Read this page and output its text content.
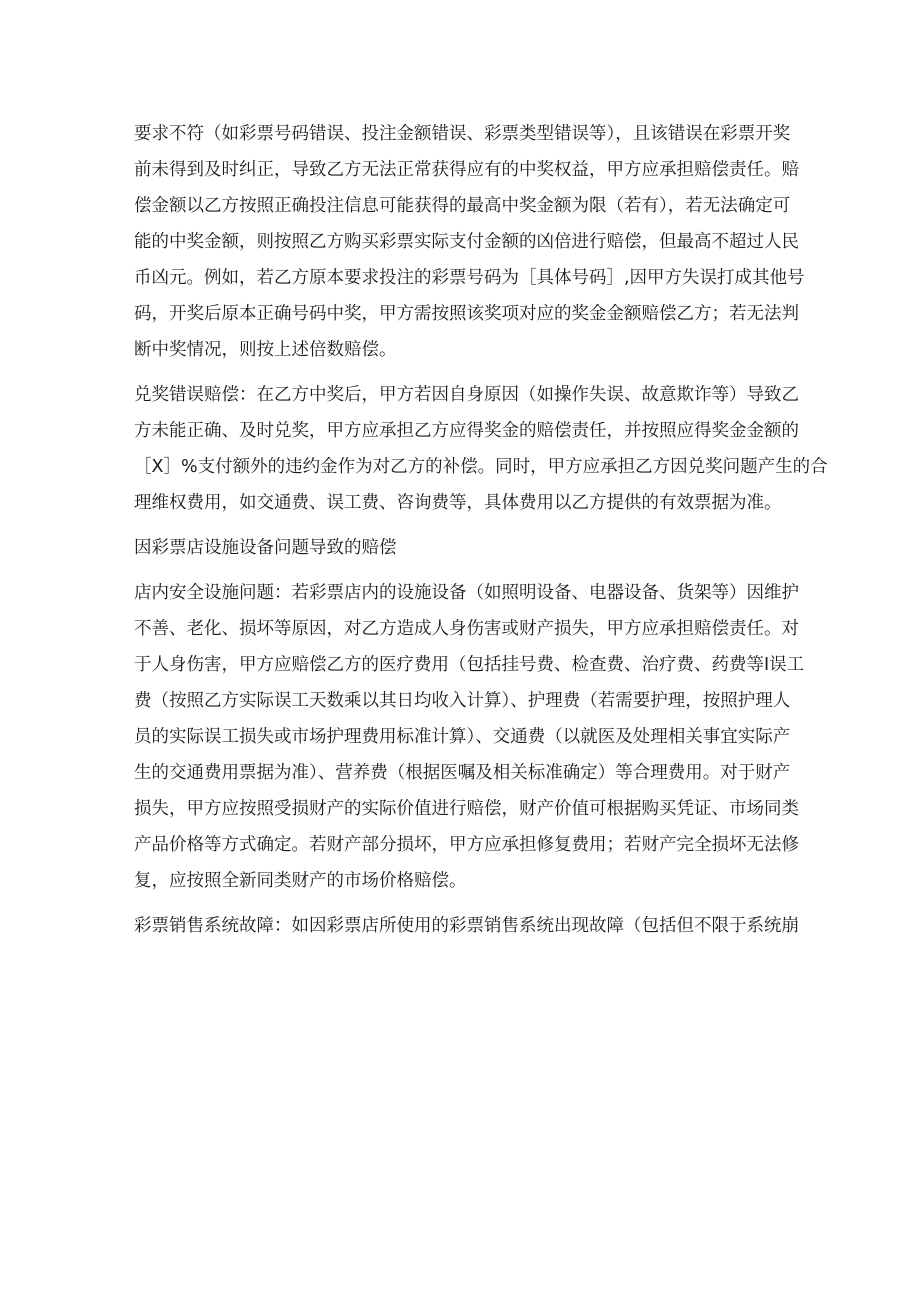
要求不符（如彩票号码错误、投注金额错误、彩票类型错误等），且该错误在彩票开奖
前未得到及时纠正，导致乙方无法正常获得应有的中奖权益，甲方应承担赔偿责任。赔
偿金额以乙方按照正确投注信息可能获得的最高中奖金额为限（若有），若无法确定可
能的中奖金额，则按照乙方购买彩票实际支付金额的凶倍进行赔偿，但最高不超过人民
币凶元。例如，若乙方原本要求投注的彩票号码为［具体号码］,因甲方失误打成其他号
码，开奖后原本正确号码中奖，甲方需按照该奖项对应的奖金金额赔偿乙方；若无法判
断中奖情况，则按上述倍数赔偿。

兑奖错误赔偿：在乙方中奖后，甲方若因自身原因（如操作失误、故意欺诈等）导致乙
方未能正确、及时兑奖，甲方应承担乙方应得奖金的赔偿责任，并按照应得奖金金额的
［X］%支付额外的违约金作为对乙方的补偿。同时，甲方应承担乙方因兑奖问题产生的合
理维权费用，如交通费、误工费、咨询费等，具体费用以乙方提供的有效票据为准。

因彩票店设施设备问题导致的赔偿

店内安全设施问题：若彩票店内的设施设备（如照明设备、电器设备、货架等）因维护
不善、老化、损坏等原因，对乙方造成人身伤害或财产损失，甲方应承担赔偿责任。对
于人身伤害，甲方应赔偿乙方的医疗费用（包括挂号费、检查费、治疗费、药费等I误工
费（按照乙方实际误工天数乘以其日均收入计算）、护理费（若需要护理，按照护理人
员的实际误工损失或市场护理费用标准计算）、交通费（以就医及处理相关事宜实际产
生的交通费用票据为准）、营养费（根据医嘱及相关标准确定）等合理费用。对于财产
损失，甲方应按照受损财产的实际价值进行赔偿，财产价值可根据购买凭证、市场同类
产品价格等方式确定。若财产部分损坏，甲方应承担修复费用；若财产完全损坏无法修
复，应按照全新同类财产的市场价格赔偿。

彩票销售系统故障：如因彩票店所使用的彩票销售系统出现故障（包括但不限于系统崩
